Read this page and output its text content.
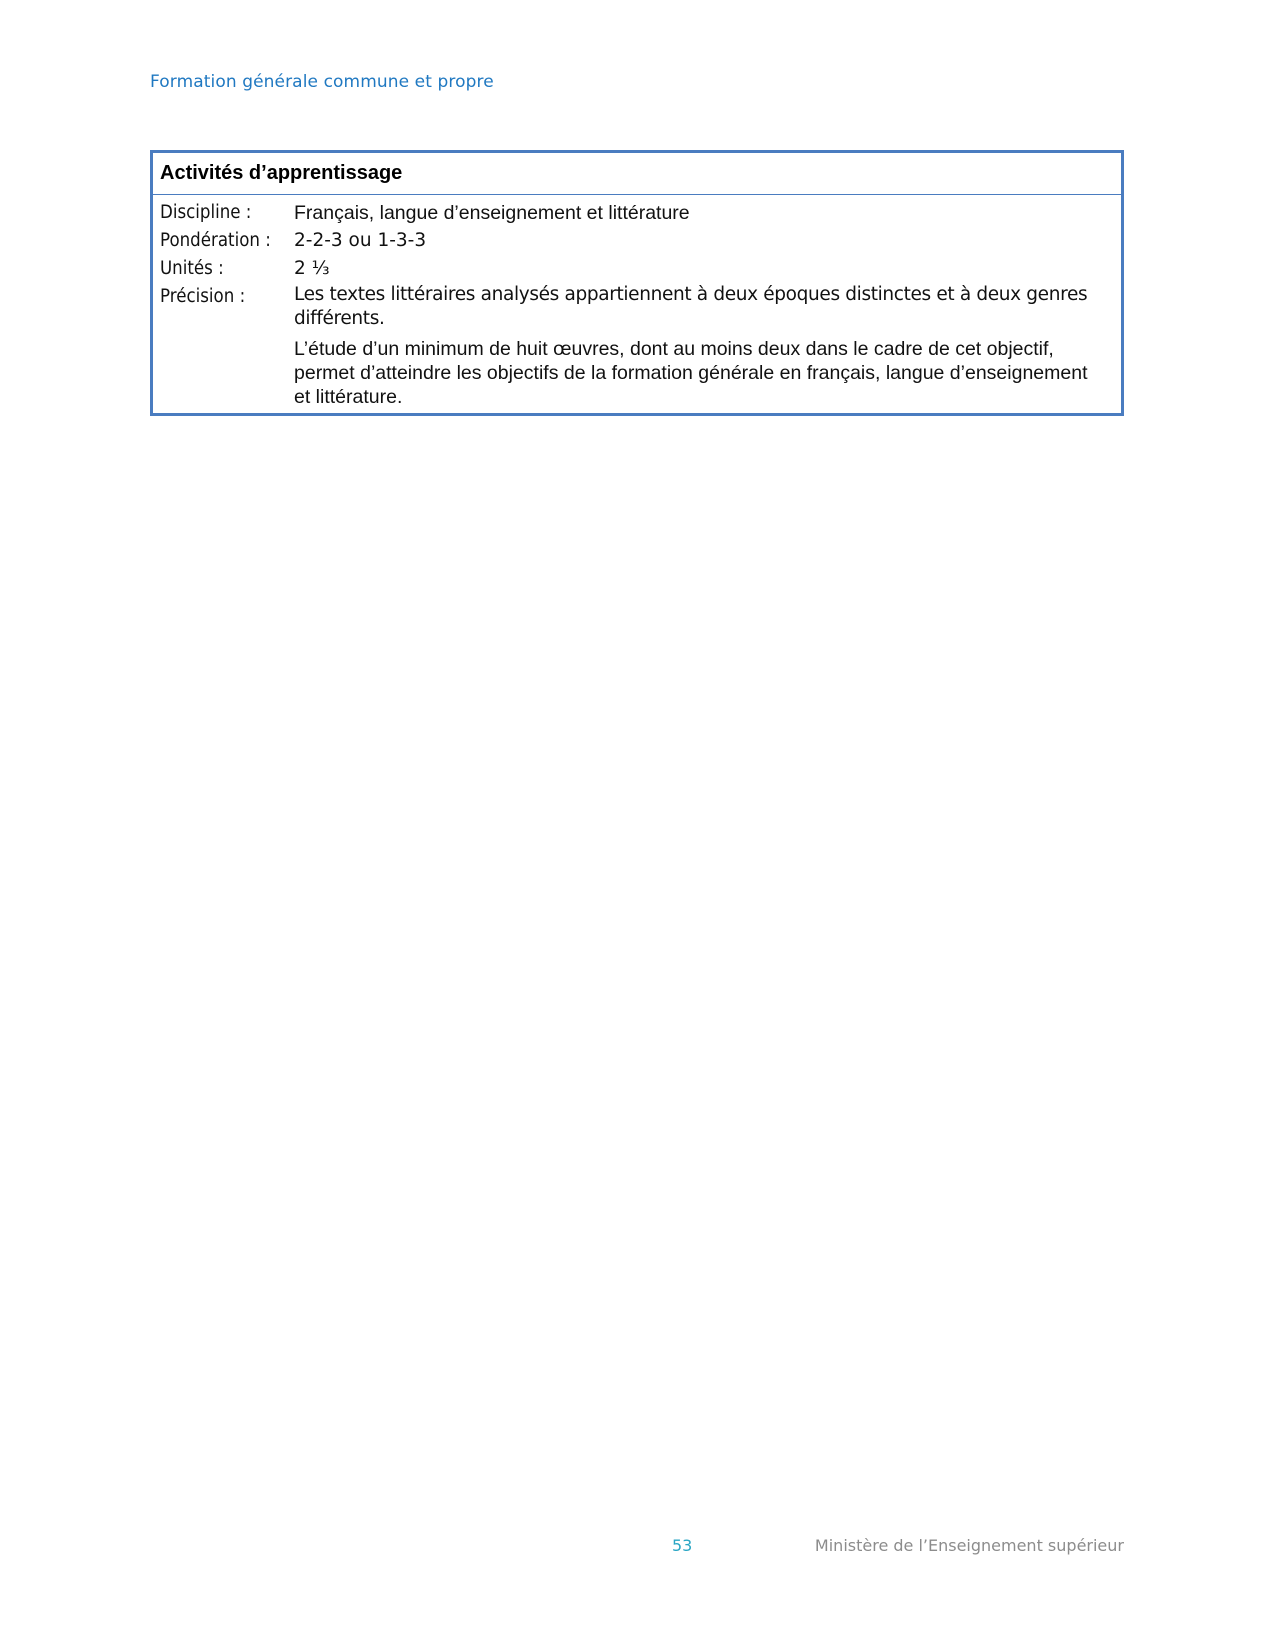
Formation générale commune et propre
Activités d’apprentissage
Discipline :	Français, langue d’enseignement et littérature
Pondération :	2-2-3 ou 1-3-3
Unités :	2 ⅓
Précision :	Les textes littéraires analysés appartiennent à deux époques distinctes et à deux genres différents.

L’étude d’un minimum de huit œuvres, dont au moins deux dans le cadre de cet objectif, permet d’atteindre les objectifs de la formation générale en français, langue d’enseignement et littérature.

53	Ministère de l’Enseignement supérieur
